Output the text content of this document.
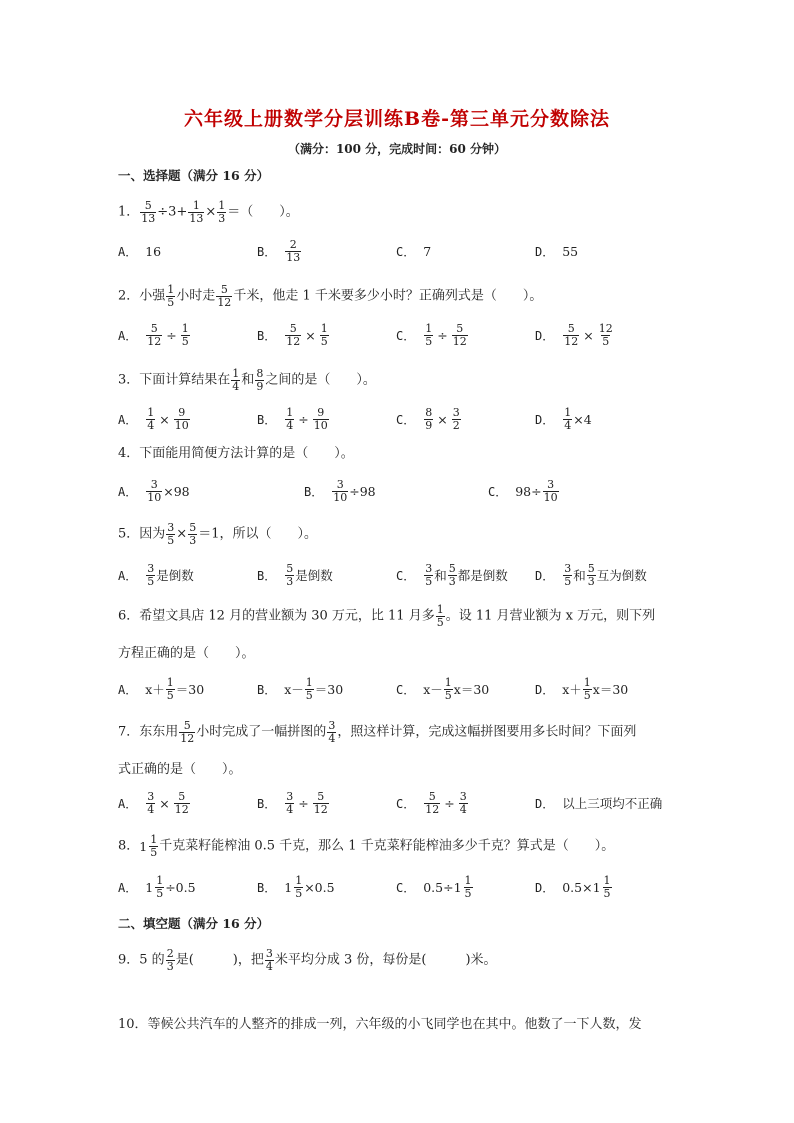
六年级上册数学分层训练B卷-第三单元分数除法
（满分：100 分，完成时间：60 分钟）
一、选择题（满分 16 分）
1． $\frac{5}{13} \div 3+ \frac{1}{13} \times \frac{1}{3}$ ＝（　　）。
A． 16	B． $\frac{2}{13}$	C． 7	D． 55
2．小强 $\frac{1}{5}$ 小时走 $\frac{5}{12}$ 千米，他走 1 千米要多少小时？正确列式是（　　）。
A． $\frac{5}{12} \div \frac{1}{5}$	B． $\frac{5}{12} \times \frac{1}{5}$	C． $\frac{1}{5} \div \frac{5}{12}$	D． $\frac{5}{12} \times \frac{12}{5}$
3．下面计算结果在 $\frac{1}{4}$ 和 $\frac{8}{9}$ 之间的是（　　）。
A． $\frac{1}{4} \times \frac{9}{10}$	B． $\frac{1}{4} \div \frac{9}{10}$	C． $\frac{8}{9} \times \frac{3}{2}$	D． $\frac{1}{4} \times 4$
4．下面能用简便方法计算的是（　　）。
A． $\frac{3}{10} \times 98$	B． $\frac{3}{10} \div 98$	C． $98\div \frac{3}{10}$
5．因为 $\frac{3}{5} \times \frac{5}{3} =1$，所以（　　）。
A． $\frac{3}{5}$ 是倒数	B． $\frac{5}{3}$ 是倒数	C． $\frac{3}{5}$ 和 $\frac{5}{3}$ 都是倒数 D． $\frac{3}{5}$ 和 $\frac{5}{3}$ 互为倒数
6．希望文具店 12 月的营业额为 30 万元，比 11 月多 $\frac{1}{5}$ 。设 11 月营业额为 x 万元，则下列
方程正确的是（　　）。
A． $x+ \frac{1}{5} =30$	B． $x- \frac{1}{5} =30$	C． $x- \frac{1}{5} x=30$	D． $x+ \frac{1}{5} x=30$
7．东东用 $\frac{5}{12}$ 小时完成了一幅拼图的 $\frac{3}{4}$ ，照这样计算，完成这幅拼图要用多长时间？下面列
式正确的是（　　）。
A． $\frac{3}{4} \times \frac{5}{12}$	B． $\frac{3}{4} \div \frac{5}{12}$	C． $\frac{5}{12} \div \frac{3}{4}$	D． 以上三项均不正确
8． $1 \frac{1}{5}$ 千克菜籽能榨油 0.5 千克，那么 1 千克菜籽能榨油多少千克？算式是（　　）。
A． $1 \frac{1}{5} \div 0.5$	B． $1 \frac{1}{5} \times 0.5$	C． $0.5\div 1 \frac{1}{5}$	D． $0.5\times 1 \frac{1}{5}$
二、填空题（满分 16 分）
9．5 的 $\frac{2}{3}$ 是(　　　)，把 $\frac{3}{4}$ 米平均分成 3 份，每份是(　　　)米。
10．等候公共汽车的人整齐的排成一列，六年级的小飞同学也在其中。他数了一下人数，发
